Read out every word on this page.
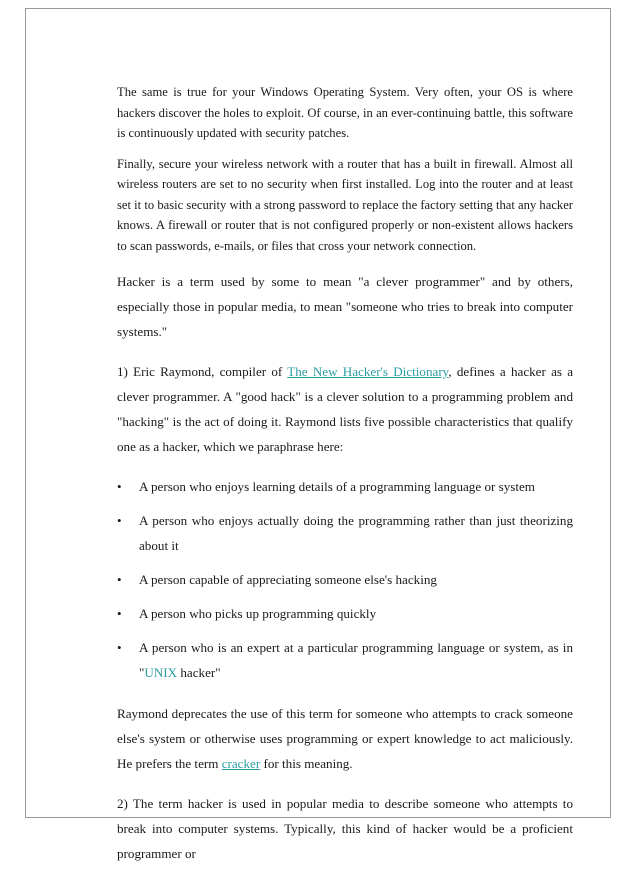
The same is true for your Windows Operating System. Very often, your OS is where hackers discover the holes to exploit. Of course, in an ever-continuing battle, this software is continuously updated with security patches.

Finally, secure your wireless network with a router that has a built in firewall. Almost all wireless routers are set to no security when first installed. Log into the router and at least set it to basic security with a strong password to replace the factory setting that any hacker knows. A firewall or router that is not configured properly or non-existent allows hackers to scan passwords, e-mails, or files that cross your network connection.

Hacker is a term used by some to mean "a clever programmer" and by others, especially those in popular media, to mean "someone who tries to break into computer systems."

1) Eric Raymond, compiler of The New Hacker's Dictionary, defines a hacker as a clever programmer. A "good hack" is a clever solution to a programming problem and "hacking" is the act of doing it. Raymond lists five possible characteristics that qualify one as a hacker, which we paraphrase here:

• A person who enjoys learning details of a programming language or system
• A person who enjoys actually doing the programming rather than just theorizing about it
• A person capable of appreciating someone else's hacking
• A person who picks up programming quickly
• A person who is an expert at a particular programming language or system, as in "UNIX hacker"

Raymond deprecates the use of this term for someone who attempts to crack someone else's system or otherwise uses programming or expert knowledge to act maliciously. He prefers the term cracker for this meaning.

2) The term hacker is used in popular media to describe someone who attempts to break into computer systems. Typically, this kind of hacker would be a proficient programmer or
